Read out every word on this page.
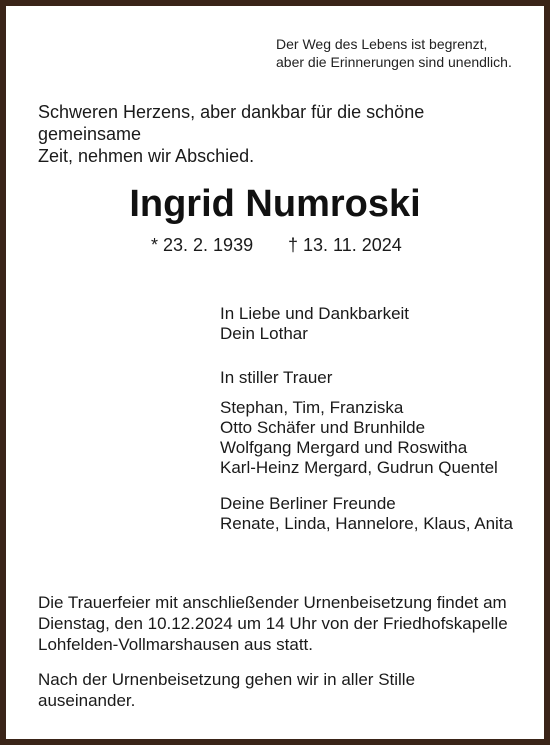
Der Weg des Lebens ist begrenzt,
aber die Erinnerungen sind unendlich.
Schweren Herzens, aber dankbar für die schöne gemeinsame
Zeit, nehmen wir Abschied.
Ingrid Numroski
* 23. 2. 1939 † 13. 11. 2024
In Liebe und Dankbarkeit
Dein Lothar
In stiller Trauer
Stephan, Tim, Franziska
Otto Schäfer und Brunhilde
Wolfgang Mergard und Roswitha
Karl-Heinz Mergard, Gudrun Quentel
Deine Berliner Freunde
Renate, Linda, Hannelore, Klaus, Anita
Die Trauerfeier mit anschließender Urnenbeisetzung findet am
Dienstag, den 10.12.2024 um 14 Uhr von der Friedhofskapelle
Lohfelden-Vollmarshausen aus statt.
Nach der Urnenbeisetzung gehen wir in aller Stille
auseinander.
